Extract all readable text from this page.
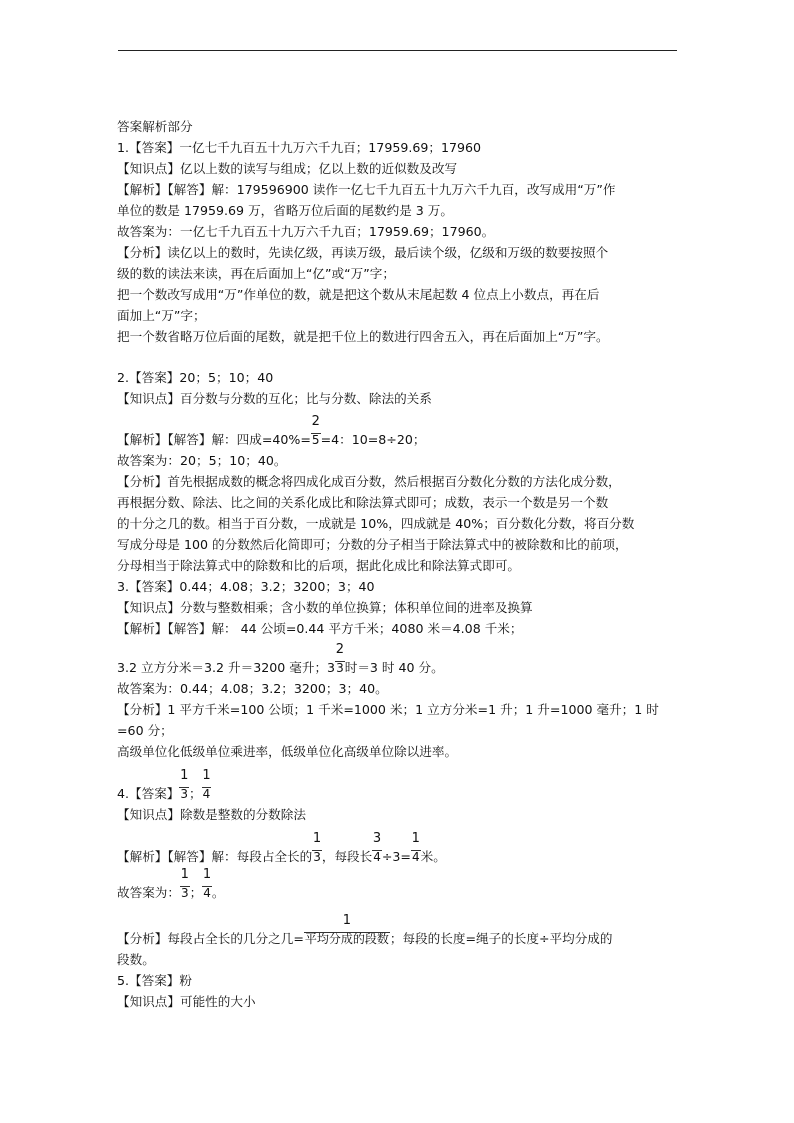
答案解析部分
1.【答案】一亿七千九百五十九万六千九百；17959.69；17960
【知识点】亿以上数的读写与组成；亿以上数的近似数及改写
【解析】【解答】解：179596900 读作一亿七千九百五十九万六千九百，改写成用“万”作
单位的数是 17959.69 万，省略万位后面的尾数约是 3 万。
故答案为：一亿七千九百五十九万六千九百；17959.69；17960。
【分析】读亿以上的数时，先读亿级，再读万级，最后读个级，亿级和万级的数要按照个
级的数的读法来读，再在后面加上“亿”或“万”字；
把一个数改写成用“万”作单位的数，就是把这个数从末尾起数 4 位点上小数点，再在后
面加上“万”字；
把一个数省略万位后面的尾数，就是把千位上的数进行四舍五入，再在后面加上“万”字。
2.【答案】20；5；10；40
【知识点】百分数与分数的互化；比与分数、除法的关系
【解析】【解答】解：四成$=40\%= \frac{2}{5}=4$：10=8÷20；
故答案为：20；5；10；40。
【分析】首先根据成数的概念将四成化成百分数，然后根据百分数化分数的方法化成分数，
再根据分数、除法、比之间的关系化成比和除法算式即可；成数，表示一个数是另一个数
的十分之几的数。相当于百分数，一成就是 10%，四成就是 40%；百分数化分数，将百分数
写成分母是 100 的分数然后化简即可；分数的分子相当于除法算式中的被除数和比的前项，
分母相当于除法算式中的除数和比的后项，据此化成比和除法算式即可。
3.【答案】0.44；4.08；3.2；3200；3；40
【知识点】分数与整数相乘；含小数的单位换算；体积单位间的进率及换算
【解析】【解答】解： 44 公顷=0.44 平方千米；4080 米＝4.08 千米；
3.2 立方分米＝3.2 升＝3200 毫升；$3 \frac{2}{3}$时＝3 时 40 分。
故答案为：0.44；4.08；3.2；3200；3；40。
【分析】1 平方千米=100 公顷；1 千米=1000 米；1 立方分米=1 升；1 升=1000 毫升；1 时
=60 分；
高级单位化低级单位乘进率，低级单位化高级单位除以进率。
4.【答案】 $\frac{1}{3}$； $\frac{1}{4}$
【知识点】除数是整数的分数除法
【解析】【解答】解：每段占全长的 $\frac{1}{3}$，每段长 $\frac{3}{4}\div 3= \frac{1}{4}$米。
故答案为： $\frac{1}{3}$； $\frac{1}{4}$。
【分析】每段占全长的几分之几= $\frac{1}{\text{平均分成的段数}}$；每段的长度=绳子的长度÷平均分成的
段数。
5.【答案】粉
【知识点】可能性的大小
